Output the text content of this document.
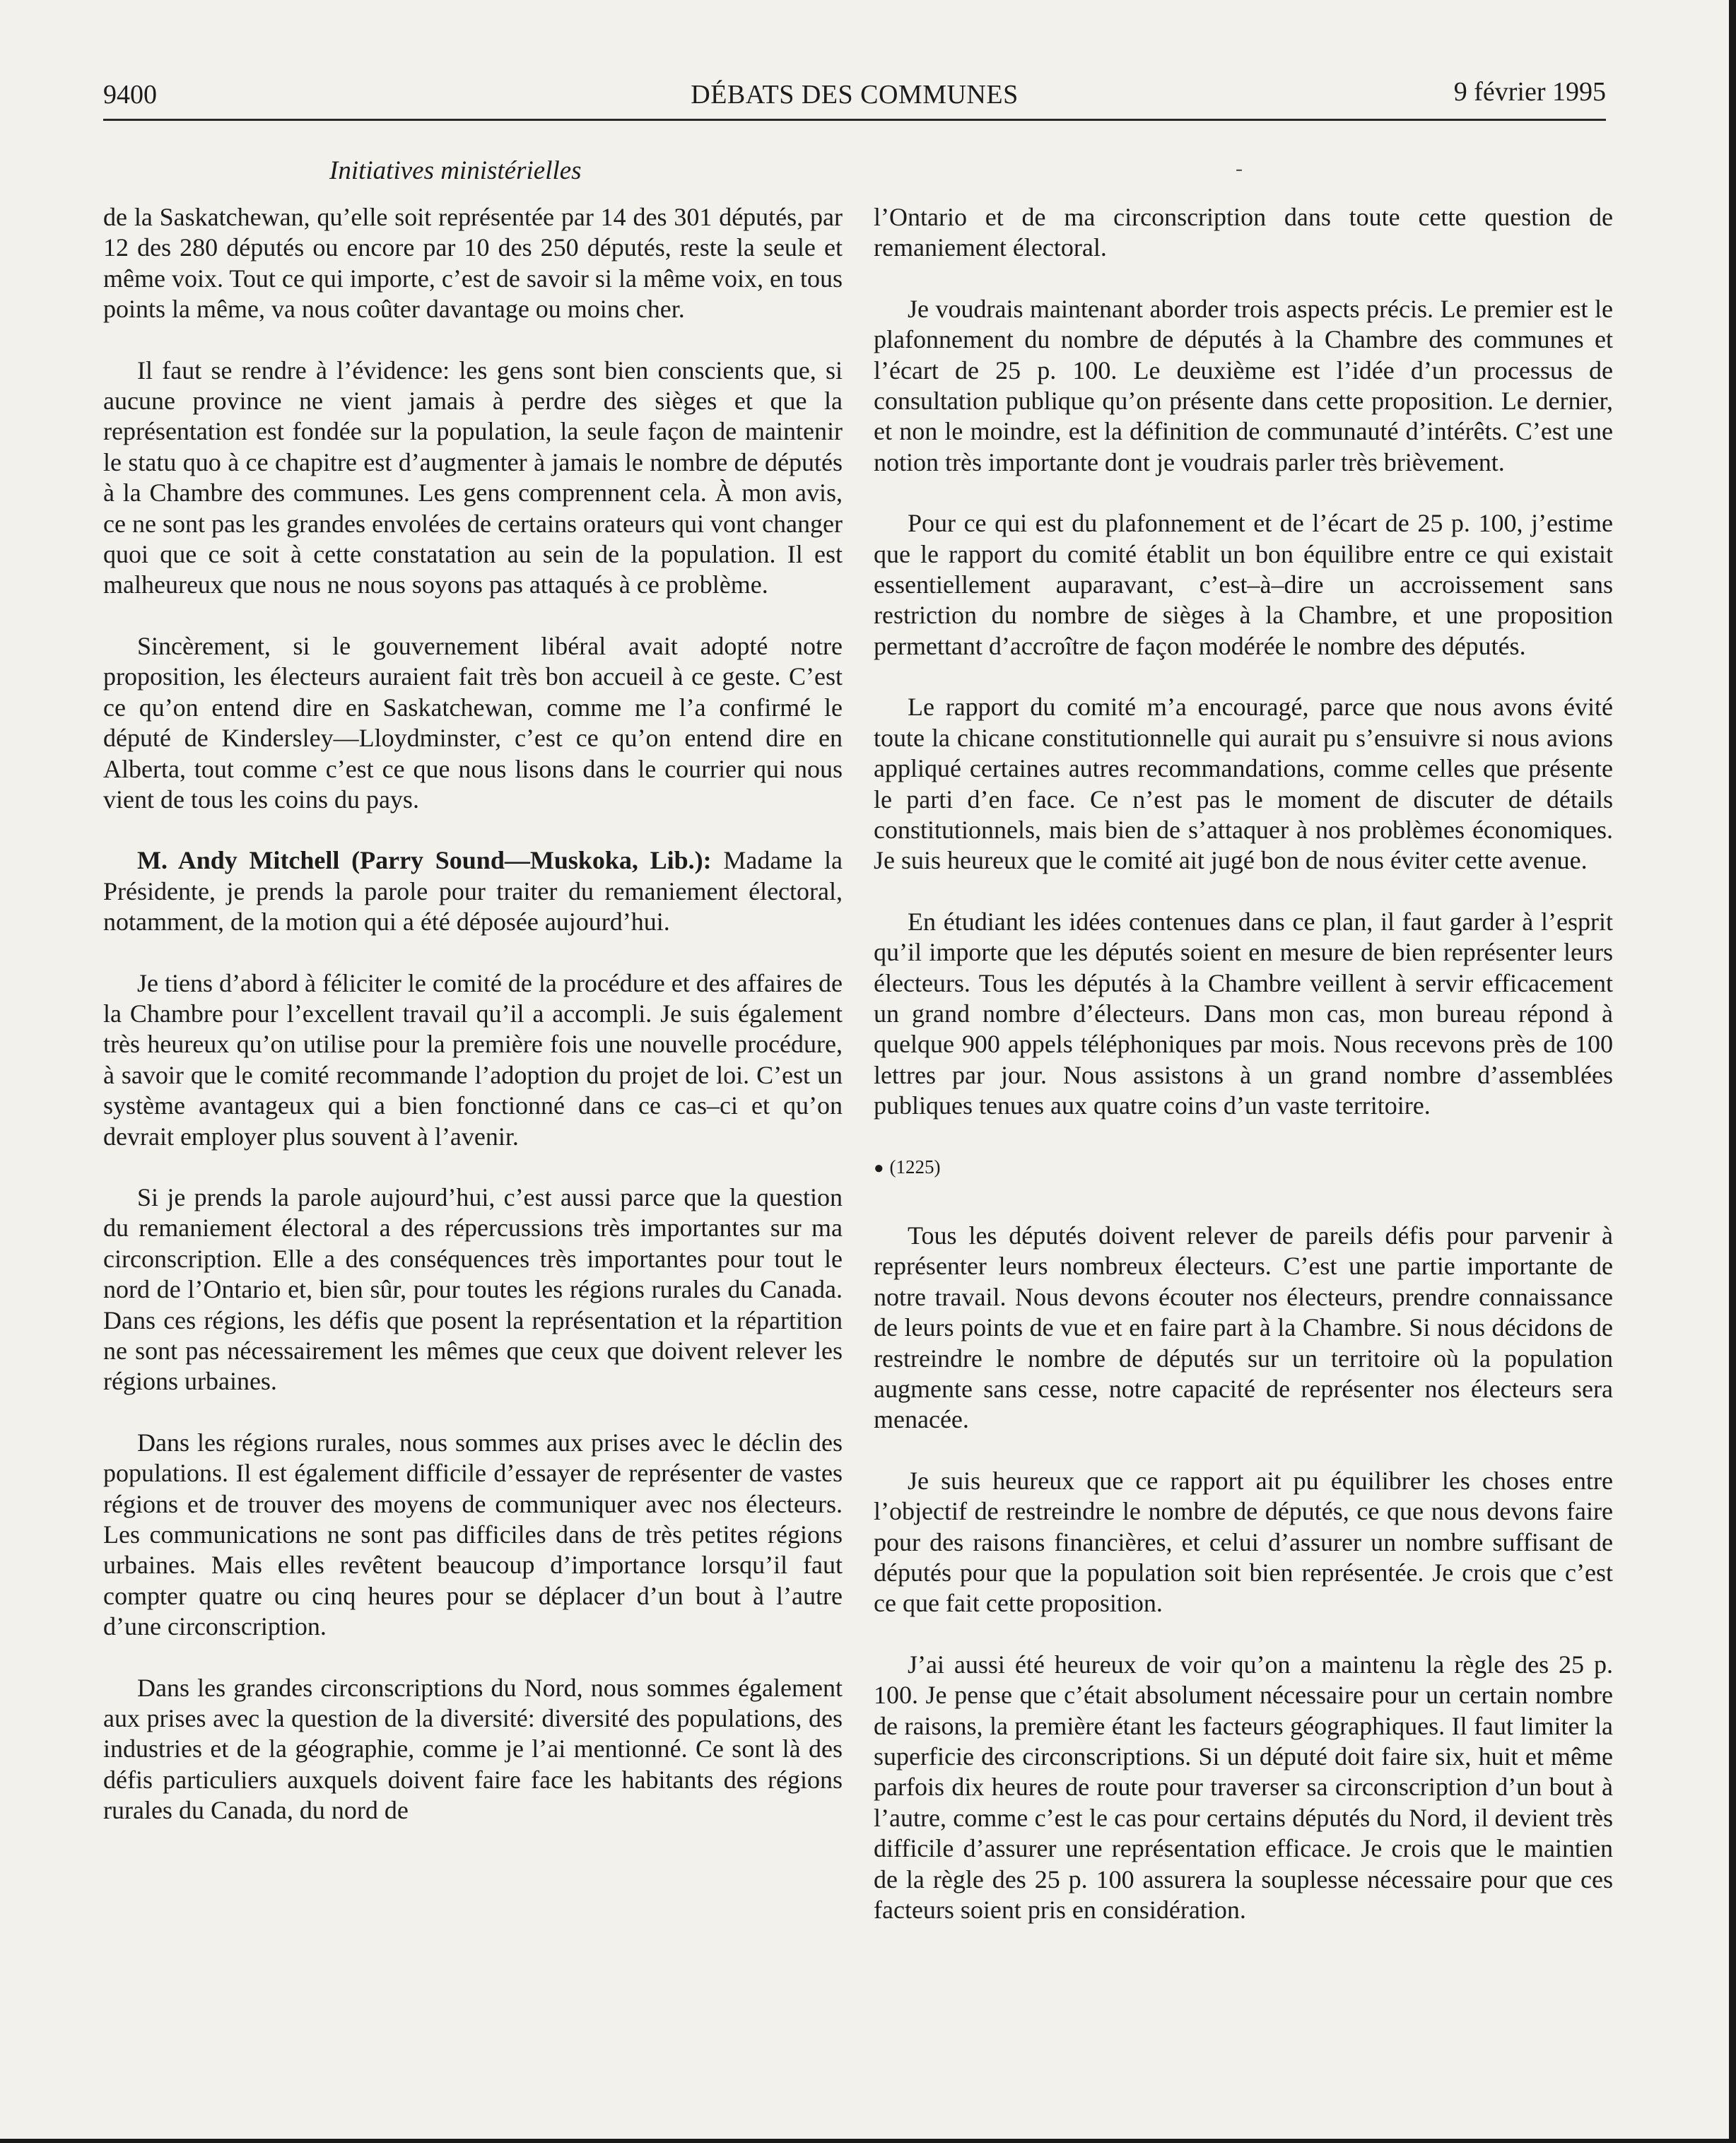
9400	DÉBATS DES COMMUNES	9 février 1995
Initiatives ministérielles	-

de la Saskatchewan, qu’elle soit représentée par 14 des 301 députés, par 12 des 280 députés ou encore par 10 des 250 députés, reste la seule et même voix. Tout ce qui importe, c’est de savoir si la même voix, en tous points la même, va nous coûter davantage ou moins cher.

Il faut se rendre à l’évidence: les gens sont bien conscients que, si aucune province ne vient jamais à perdre des sièges et que la représentation est fondée sur la population, la seule façon de maintenir le statu quo à ce chapitre est d’augmenter à jamais le nombre de députés à la Chambre des communes. Les gens comprennent cela. À mon avis, ce ne sont pas les grandes envolées de certains orateurs qui vont changer quoi que ce soit à cette constatation au sein de la population. Il est malheureux que nous ne nous soyons pas attaqués à ce problème.

Sincèrement, si le gouvernement libéral avait adopté notre proposition, les électeurs auraient fait très bon accueil à ce geste. C’est ce qu’on entend dire en Saskatchewan, comme me l’a confirmé le député de Kindersley—Lloydminster, c’est ce qu’on entend dire en Alberta, tout comme c’est ce que nous lisons dans le courrier qui nous vient de tous les coins du pays.

M. Andy Mitchell (Parry Sound—Muskoka, Lib.): Madame la Présidente, je prends la parole pour traiter du remaniement électoral, notamment, de la motion qui a été déposée aujourd’hui.

Je tiens d’abord à féliciter le comité de la procédure et des affaires de la Chambre pour l’excellent travail qu’il a accompli. Je suis également très heureux qu’on utilise pour la première fois une nouvelle procédure, à savoir que le comité recommande l’adoption du projet de loi. C’est un système avantageux qui a bien fonctionné dans ce cas–ci et qu’on devrait employer plus souvent à l’avenir.

Si je prends la parole aujourd’hui, c’est aussi parce que la question du remaniement électoral a des répercussions très importantes sur ma circonscription. Elle a des conséquences très importantes pour tout le nord de l’Ontario et, bien sûr, pour toutes les régions rurales du Canada. Dans ces régions, les défis que posent la représentation et la répartition ne sont pas nécessairement les mêmes que ceux que doivent relever les régions urbaines.

Dans les régions rurales, nous sommes aux prises avec le déclin des populations. Il est également difficile d’essayer de représenter de vastes régions et de trouver des moyens de communiquer avec nos électeurs. Les communications ne sont pas difficiles dans de très petites régions urbaines. Mais elles revêtent beaucoup d’importance lorsqu’il faut compter quatre ou cinq heures pour se déplacer d’un bout à l’autre d’une circonscription.

Dans les grandes circonscriptions du Nord, nous sommes également aux prises avec la question de la diversité: diversité des populations, des industries et de la géographie, comme je l’ai mentionné. Ce sont là des défis particuliers auxquels doivent faire face les habitants des régions rurales du Canada, du nord de

l’Ontario et de ma circonscription dans toute cette question de remaniement électoral.

Je voudrais maintenant aborder trois aspects précis. Le premier est le plafonnement du nombre de députés à la Chambre des communes et l’écart de 25 p. 100. Le deuxième est l’idée d’un processus de consultation publique qu’on présente dans cette proposition. Le dernier, et non le moindre, est la définition de communauté d’intérêts. C’est une notion très importante dont je voudrais parler très brièvement.

Pour ce qui est du plafonnement et de l’écart de 25 p. 100, j’estime que le rapport du comité établit un bon équilibre entre ce qui existait essentiellement auparavant, c’est–à–dire un accroissement sans restriction du nombre de sièges à la Chambre, et une proposition permettant d’accroître de façon modérée le nombre des députés.

Le rapport du comité m’a encouragé, parce que nous avons évité toute la chicane constitutionnelle qui aurait pu s’ensuivre si nous avions appliqué certaines autres recommandations, comme celles que présente le parti d’en face. Ce n’est pas le moment de discuter de détails constitutionnels, mais bien de s’attaquer à nos problèmes économiques. Je suis heureux que le comité ait jugé bon de nous éviter cette avenue.

En étudiant les idées contenues dans ce plan, il faut garder à l’esprit qu’il importe que les députés soient en mesure de bien représenter leurs électeurs. Tous les députés à la Chambre veillent à servir efficacement un grand nombre d’électeurs. Dans mon cas, mon bureau répond à quelque 900 appels téléphoniques par mois. Nous recevons près de 100 lettres par jour. Nous assistons à un grand nombre d’assemblées publiques tenues aux quatre coins d’un vaste territoire.

● (1225)

Tous les députés doivent relever de pareils défis pour parvenir à représenter leurs nombreux électeurs. C’est une partie importante de notre travail. Nous devons écouter nos électeurs, prendre connaissance de leurs points de vue et en faire part à la Chambre. Si nous décidons de restreindre le nombre de députés sur un territoire où la population augmente sans cesse, notre capacité de représenter nos électeurs sera menacée.

Je suis heureux que ce rapport ait pu équilibrer les choses entre l’objectif de restreindre le nombre de députés, ce que nous devons faire pour des raisons financières, et celui d’assurer un nombre suffisant de députés pour que la population soit bien représentée. Je crois que c’est ce que fait cette proposition.

J’ai aussi été heureux de voir qu’on a maintenu la règle des 25 p. 100. Je pense que c’était absolument nécessaire pour un certain nombre de raisons, la première étant les facteurs géographiques. Il faut limiter la superficie des circonscriptions. Si un député doit faire six, huit et même parfois dix heures de route pour traverser sa circonscription d’un bout à l’autre, comme c’est le cas pour certains députés du Nord, il devient très difficile d’assurer une représentation efficace. Je crois que le maintien de la règle des 25 p. 100 assurera la souplesse nécessaire pour que ces facteurs soient pris en considération.
